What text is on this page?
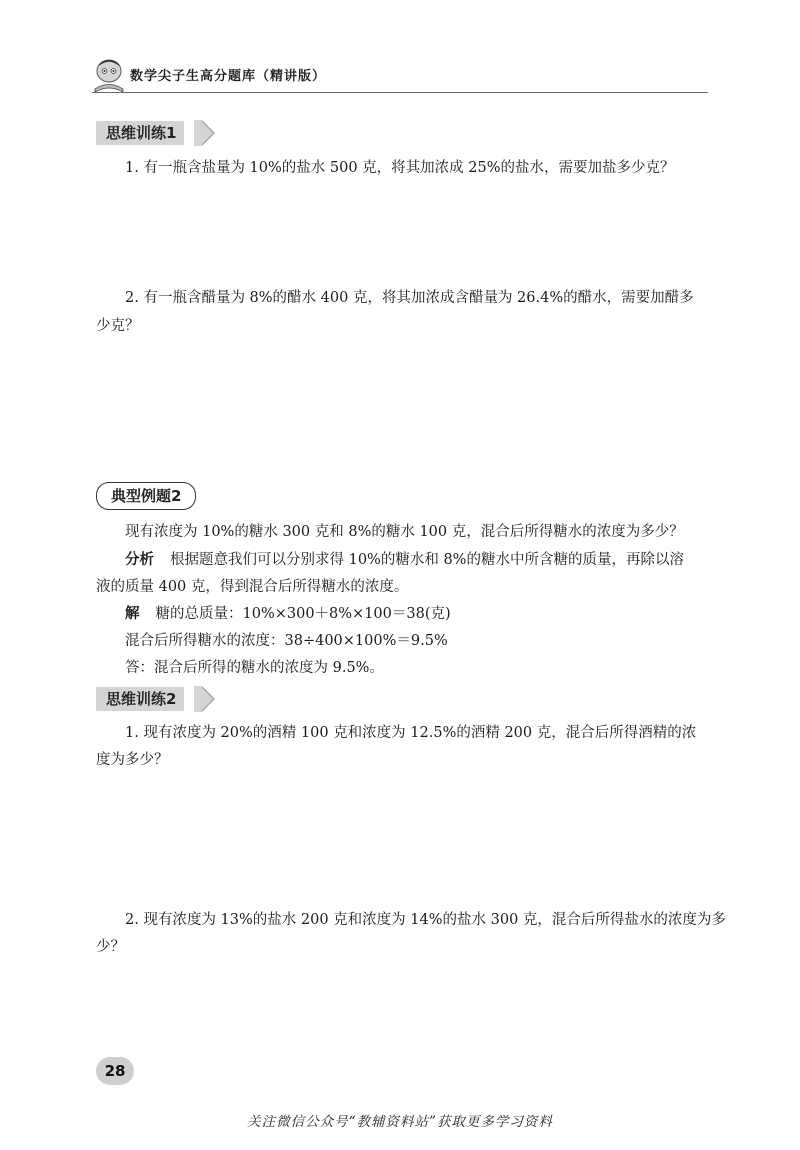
数学尖子生高分题库（精讲版）
思维训练1
1. 有一瓶含盐量为 10%的盐水 500 克，将其加浓成 25%的盐水，需要加盐多少克？
2. 有一瓶含醋量为 8%的醋水 400 克，将其加浓成含醋量为 26.4%的醋水，需要加醋多
少克？
典型例题2
现有浓度为 10%的糖水 300 克和 8%的糖水 100 克，混合后所得糖水的浓度为多少？
分析 根据题意我们可以分别求得 10%的糖水和 8%的糖水中所含糖的质量，再除以溶
液的质量 400 克，得到混合后所得糖水的浓度。
解 糖的总质量：10%×300＋8%×100＝38(克)
混合后所得糖水的浓度：38÷400×100%＝9.5%
答：混合后所得的糖水的浓度为 9.5%。
思维训练2
1. 现有浓度为 20%的酒精 100 克和浓度为 12.5%的酒精 200 克，混合后所得酒精的浓
度为多少？
2. 现有浓度为 13%的盐水 200 克和浓度为 14%的盐水 300 克，混合后所得盐水的浓度为多
少？
28
关注微信公众号“教辅资料站”获取更多学习资料
